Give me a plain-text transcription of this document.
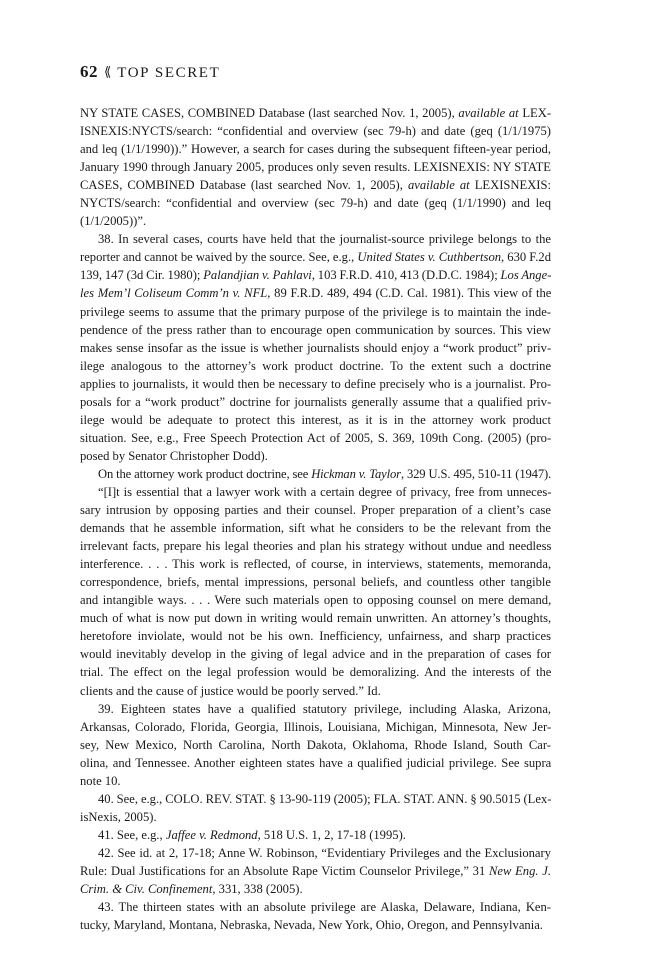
62 ⟪ TOP SECRET
NY STATE CASES, COMBINED Database (last searched Nov. 1, 2005), available at LEX-
ISNEXIS:NYCTS/search: “confidential and overview (sec 79-h) and date (geq (1/1/1975)
and leq (1/1/1990)).” However, a search for cases during the subsequent fifteen-year period,
January 1990 through January 2005, produces only seven results. LEXISNEXIS: NY STATE
CASES, COMBINED Database (last searched Nov. 1, 2005), available at LEXISNEXIS:
NYCTS/search: “confidential and overview (sec 79-h) and date (geq (1/1/1990) and leq
(1/1/2005))”.
38. In several cases, courts have held that the journalist-source privilege belongs to the
reporter and cannot be waived by the source. See, e.g., United States v. Cuthbertson, 630 F.2d
139, 147 (3d Cir. 1980); Palandjian v. Pahlavi, 103 F.R.D. 410, 413 (D.D.C. 1984); Los Ange-
les Mem’l Coliseum Comm’n v. NFL, 89 F.R.D. 489, 494 (C.D. Cal. 1981). This view of the
privilege seems to assume that the primary purpose of the privilege is to maintain the inde-
pendence of the press rather than to encourage open communication by sources. This view
makes sense insofar as the issue is whether journalists should enjoy a “work product” priv-
ilege analogous to the attorney’s work product doctrine. To the extent such a doctrine
applies to journalists, it would then be necessary to define precisely who is a journalist. Pro-
posals for a “work product” doctrine for journalists generally assume that a qualified priv-
ilege would be adequate to protect this interest, as it is in the attorney work product
situation. See, e.g., Free Speech Protection Act of 2005, S. 369, 109th Cong. (2005) (pro-
posed by Senator Christopher Dodd).
On the attorney work product doctrine, see Hickman v. Taylor, 329 U.S. 495, 510-11 (1947).
“[I]t is essential that a lawyer work with a certain degree of privacy, free from unneces-
sary intrusion by opposing parties and their counsel. Proper preparation of a client’s case
demands that he assemble information, sift what he considers to be the relevant from the
irrelevant facts, prepare his legal theories and plan his strategy without undue and needless
interference. . . . This work is reflected, of course, in interviews, statements, memoranda,
correspondence, briefs, mental impressions, personal beliefs, and countless other tangible
and intangible ways. . . . Were such materials open to opposing counsel on mere demand,
much of what is now put down in writing would remain unwritten. An attorney’s thoughts,
heretofore inviolate, would not be his own. Inefficiency, unfairness, and sharp practices
would inevitably develop in the giving of legal advice and in the preparation of cases for
trial. The effect on the legal profession would be demoralizing. And the interests of the
clients and the cause of justice would be poorly served.” Id.
39. Eighteen states have a qualified statutory privilege, including Alaska, Arizona,
Arkansas, Colorado, Florida, Georgia, Illinois, Louisiana, Michigan, Minnesota, New Jer-
sey, New Mexico, North Carolina, North Dakota, Oklahoma, Rhode Island, South Car-
olina, and Tennessee. Another eighteen states have a qualified judicial privilege. See supra
note 10.
40. See, e.g., COLO. REV. STAT. § 13-90-119 (2005); FLA. STAT. ANN. § 90.5015 (Lex-
isNexis, 2005).
41. See, e.g., Jaffee v. Redmond, 518 U.S. 1, 2, 17-18 (1995).
42. See id. at 2, 17-18; Anne W. Robinson, “Evidentiary Privileges and the Exclusionary
Rule: Dual Justifications for an Absolute Rape Victim Counselor Privilege,” 31 New Eng. J.
Crim. & Civ. Confinement, 331, 338 (2005).
43. The thirteen states with an absolute privilege are Alaska, Delaware, Indiana, Ken-
tucky, Maryland, Montana, Nebraska, Nevada, New York, Ohio, Oregon, and Pennsylvania.
